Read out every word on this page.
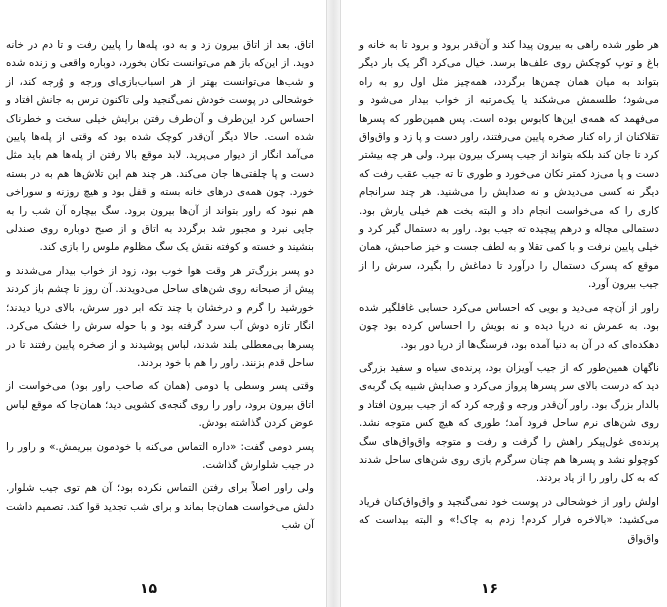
اتاق. بعد از اتاق بیرون زد و به دو، پله‌ها را پایین رفت و تا دم در خانه دوید. از این‌که باز هم می‌توانست تکان بخورد، دوباره واقعی و زنده شده و شب‌ها می‌توانست بهتر از هر اسباب‌بازی‌ای ورجه و وُرجه کند، از خوشحالی در پوست خودش نمی‌گنجید ولی تاکنون ترس به جانش افتاد و احساس کرد این‌طرف و آن‌طرف رفتن برایش خیلی سخت و خطرناک شده است. حالا دیگر آن‌قدر کوچک شده بود که وقتی از پله‌ها پایین می‌آمد انگار از دیوار می‌پرید. لابد موقع بالا رفتن از پله‌ها هم باید مثل دست و پا چلفتی‌ها جان می‌کند. هر چند هم این تلاش‌ها هم به در بسته خورد. چون همه‌ی درهای خانه بسته و قفل بود و هیچ روزنه و سوراخی هم نبود که راور بتواند از آن‌ها بیرون برود. سگ بیچاره آن شب را به جایی نبرد و مجبور شد برگردد به اتاق و از صبح دوباره روی صندلی بنشیند و خسته و کوفته نقش یک سگ مظلوم ملوس را بازی کند.

دو پسر بزرگ‌تر هر وقت هوا خوب بود، زود از خواب بیدار می‌شدند و پیش از صبحانه روی شن‌های ساحل می‌دویدند. آن روز تا چشم باز کردند خورشید را گرم و درخشان با چند تکه ابر دور سرش، بالای دریا دیدند؛ انگار تازه دوش آب سرد گرفته بود و با حوله سرش را خشک می‌کرد. پسرها بی‌معطلی بلند شدند، لباس پوشیدند و از صخره پایین رفتند تا در ساحل قدم بزنند. راور را هم با خود بردند.

وقتی پسر وسطی یا دومی (همان که صاحب راور بود) می‌خواست از اتاق بیرون برود، راور را روی گنجه‌ی کشویی دید؛ همان‌جا که موقع لباس عوض کردن گذاشته بودش.

پسر دومی گفت: «داره التماس می‌کنه با خودمون ببریمش.» و راور را در جیب شلوارش گذاشت.

ولی راور اصلاً برای رفتن التماس نکرده بود؛ آن هم توی جیب شلوار. دلش می‌خواست همان‌جا بماند و برای شب تجدید قوا کند. تصمیم داشت آن شب

۱۵

هر طور شده راهی به بیرون پیدا کند و آن‌قدر برود و برود تا به خانه و باغ و توپ کوچکش روی علف‌ها برسد. خیال می‌کرد اگر یک بار دیگر بتواند به میان همان چمن‌ها برگردد، همه‌چیز مثل اول رو به راه می‌شود؛ طلسمش می‌شکند یا یک‌مرتبه از خواب بیدار می‌شود و می‌فهمد که همه‌ی این‌ها کابوس بوده است. پس همین‌طور که پسرها تقلاکنان از راه کنار صخره پایین می‌رفتند، راور دست و پا زد و واق‌واق کرد تا جان کند بلکه بتواند از جیب پسرک بیرون بپرد. ولی هر چه بیشتر دست و پا می‌زد کمتر تکان می‌خورد و طوری تا ته جیب عقب رفت که دیگر نه کسی می‌دیدش و نه صدایش را می‌شنید. هر چند سرانجام کاری را که می‌خواست انجام داد و البته بخت هم خیلی یارش بود. دستمالی مچاله و درهم پیچیده ته جیب بود. راور به دستمال گیر کرد و خیلی پایین نرفت و با کمی تقلا و به لطف جست و خیز صاحبش، همان موقع که پسرک دستمال را درآورد تا دماغش را بگیرد، سرش را از جیب بیرون آورد.

راور از آن‌چه می‌دید و بویی که احساس می‌کرد حسابی غافلگیر شده بود. به عمرش نه دریا دیده و نه بویش را احساس کرده بود چون دهکده‌ای که در آن به دنیا آمده بود، فرسنگ‌ها از دریا دور بود.

ناگهان همین‌طور که از جیب آویزان بود، پرنده‌ی سیاه و سفید بزرگی دید که درست بالای سر پسرها پرواز می‌کرد و صدایش شبیه یک گربه‌ی بالدار بزرگ بود. راور آن‌قدر ورجه و وُرجه کرد که از جیب بیرون افتاد و روی شن‌های نرم ساحل فرود آمد؛ طوری که هیچ کس متوجه نشد. پرنده‌ی غول‌پیکر راهش را گرفت و رفت و متوجه واق‌واق‌های سگ کوچولو نشد و پسرها هم چنان سرگرم بازی روی شن‌های ساحل شدند که به کل راور را از یاد بردند.

اولش راور از خوشحالی در پوست خود نمی‌گنجید و واق‌واق‌کنان فریاد می‌کشید: «بالاخره فرار کردم! زدم به چاک!» و البته بیداست که واق‌واق

۱۶
